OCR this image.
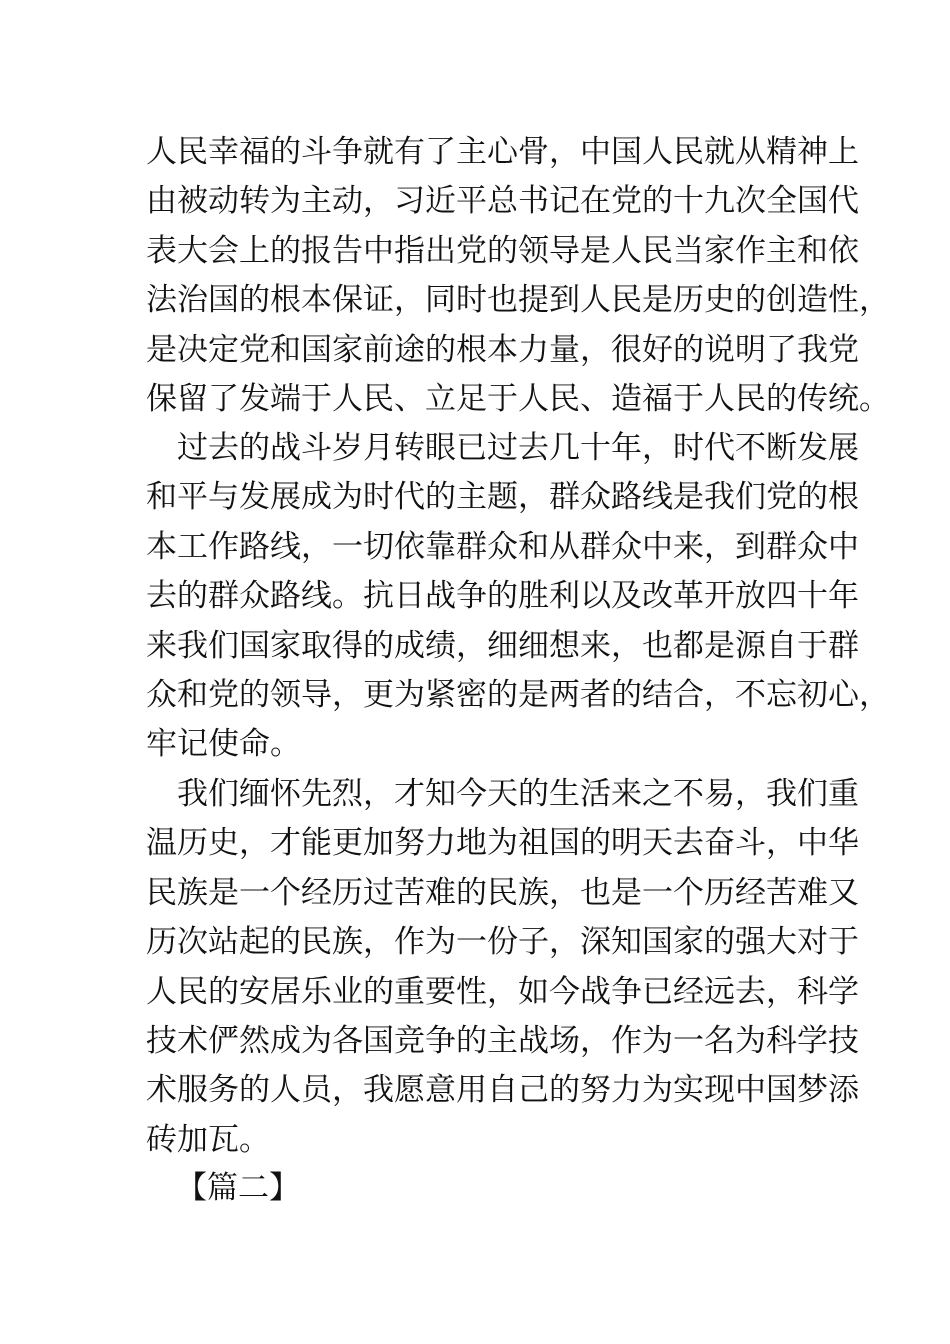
人民幸福的斗争就有了主心骨，中国人民就从精神上
由被动转为主动，习近平总书记在党的十九次全国代
表大会上的报告中指出党的领导是人民当家作主和依
法治国的根本保证，同时也提到人民是历史的创造性，
是决定党和国家前途的根本力量，很好的说明了我党
保留了发端于人民、立足于人民、造福于人民的传统。
　过去的战斗岁月转眼已过去几十年，时代不断发展
和平与发展成为时代的主题，群众路线是我们党的根
本工作路线，一切依靠群众和从群众中来，到群众中
去的群众路线。抗日战争的胜利以及改革开放四十年
来我们国家取得的成绩，细细想来，也都是源自于群
众和党的领导，更为紧密的是两者的结合，不忘初心，
牢记使命。
　我们缅怀先烈，才知今天的生活来之不易，我们重
温历史，才能更加努力地为祖国的明天去奋斗，中华
民族是一个经历过苦难的民族，也是一个历经苦难又
历次站起的民族，作为一份子，深知国家的强大对于
人民的安居乐业的重要性，如今战争已经远去，科学
技术俨然成为各国竞争的主战场，作为一名为科学技
术服务的人员，我愿意用自己的努力为实现中国梦添
砖加瓦。
【篇二】
